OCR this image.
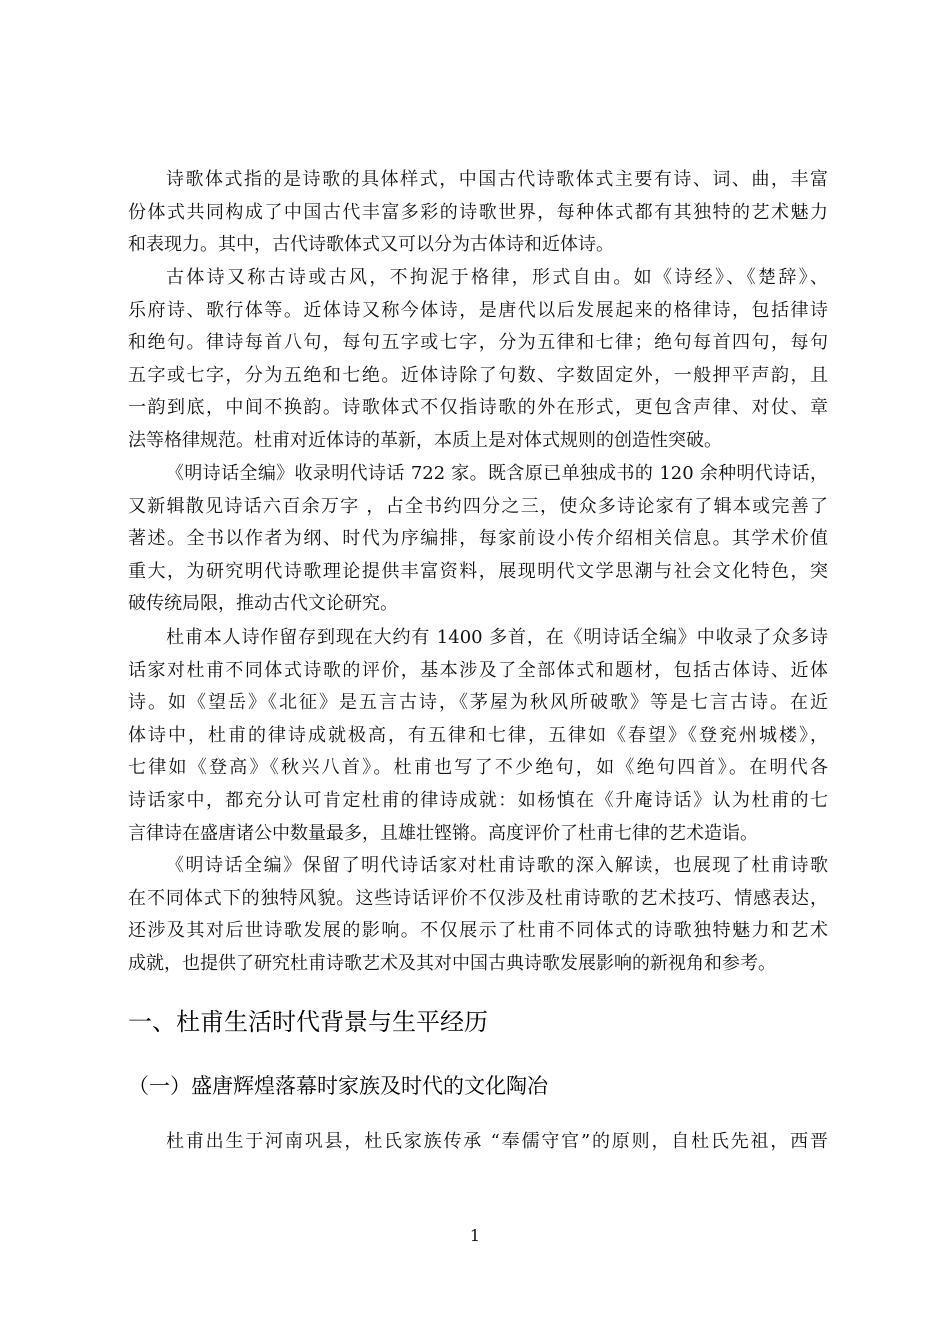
诗歌体式指的是诗歌的具体样式，中国古代诗歌体式主要有诗、词、曲，丰富
份体式共同构成了中国古代丰富多彩的诗歌世界，每种体式都有其独特的艺术魅力
和表现力。其中，古代诗歌体式又可以分为古体诗和近体诗。
古体诗又称古诗或古风，不拘泥于格律，形式自由。如《诗经》、《楚辞》、
乐府诗、歌行体等。近体诗又称今体诗，是唐代以后发展起来的格律诗，包括律诗
和绝句。律诗每首八句，每句五字或七字，分为五律和七律；绝句每首四句，每句
五字或七字，分为五绝和七绝。近体诗除了句数、字数固定外，一般押平声韵，且
一韵到底，中间不换韵。诗歌体式不仅指诗歌的外在形式，更包含声律、对仗、章
法等格律规范。杜甫对近体诗的革新，本质上是对体式规则的创造性突破。
《明诗话全编》收录明代诗话 722 家。既含原已单独成书的 120 余种明代诗话，
又新辑散见诗话六百余万字 ，占全书约四分之三，使众多诗论家有了辑本或完善了
著述。全书以作者为纲、时代为序编排，每家前设小传介绍相关信息。其学术价值
重大，为研究明代诗歌理论提供丰富资料，展现明代文学思潮与社会文化特色，突
破传统局限，推动古代文论研究。
杜甫本人诗作留存到现在大约有 1400 多首，在《明诗话全编》中收录了众多诗
话家对杜甫不同体式诗歌的评价，基本涉及了全部体式和题材，包括古体诗、近体
诗。如《望岳》《北征》是五言古诗，《茅屋为秋风所破歌》等是七言古诗。在近
体诗中，杜甫的律诗成就极高，有五律和七律，五律如《春望》《登兖州城楼》，
七律如《登高》《秋兴八首》。杜甫也写了不少绝句，如《绝句四首》。在明代各
诗话家中，都充分认可肯定杜甫的律诗成就：如杨慎在《升庵诗话》认为杜甫的七
言律诗在盛唐诸公中数量最多，且雄壮铿锵。高度评价了杜甫七律的艺术造诣。
《明诗话全编》保留了明代诗话家对杜甫诗歌的深入解读，也展现了杜甫诗歌
在不同体式下的独特风貌。这些诗话评价不仅涉及杜甫诗歌的艺术技巧、情感表达，
还涉及其对后世诗歌发展的影响。不仅展示了杜甫不同体式的诗歌独特魅力和艺术
成就，也提供了研究杜甫诗歌艺术及其对中国古典诗歌发展影响的新视角和参考。
一、杜甫生活时代背景与生平经历
（一）盛唐辉煌落幕时家族及时代的文化陶冶
杜甫出生于河南巩县，杜氏家族传承 “奉儒守官”的原则，自杜氏先祖，西晋
1
